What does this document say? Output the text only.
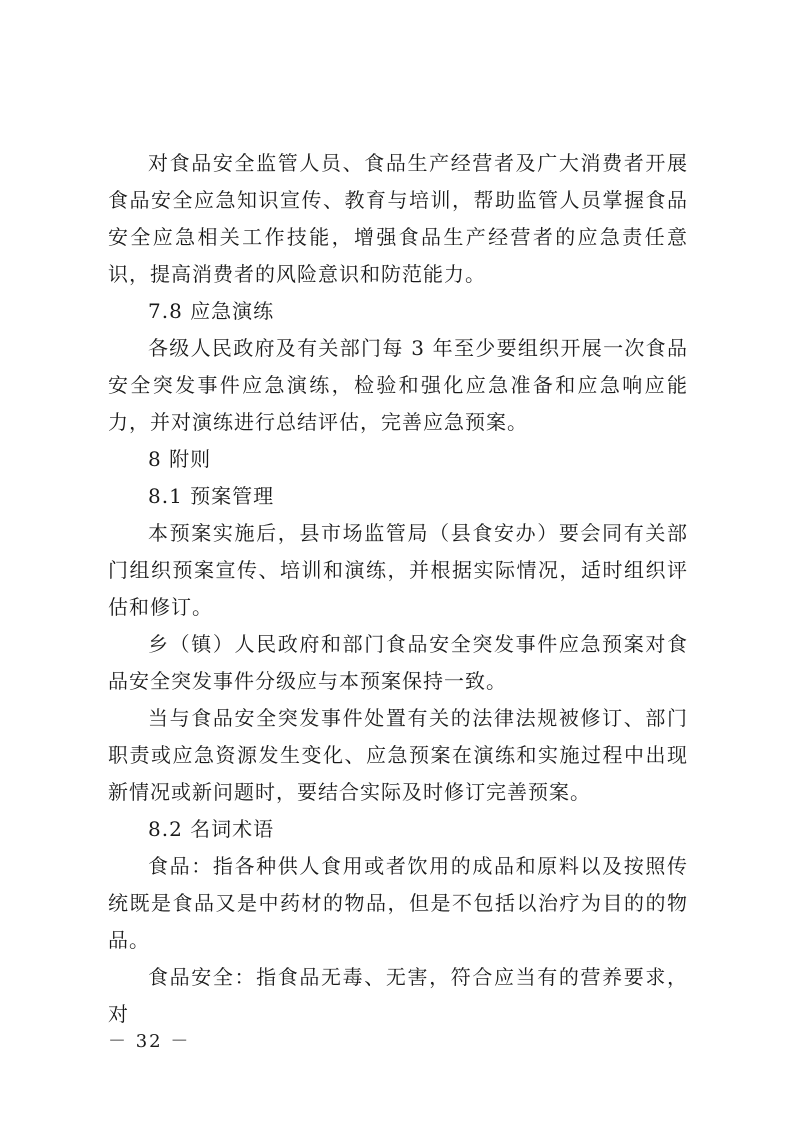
对食品安全监管人员、食品生产经营者及广大消费者开展食品安全应急知识宣传、教育与培训，帮助监管人员掌握食品安全应急相关工作技能，增强食品生产经营者的应急责任意识，提高消费者的风险意识和防范能力。

7.8 应急演练

各级人民政府及有关部门每 3 年至少要组织开展一次食品安全突发事件应急演练，检验和强化应急准备和应急响应能力，并对演练进行总结评估，完善应急预案。

8 附则

8.1 预案管理

本预案实施后，县市场监管局（县食安办）要会同有关部门组织预案宣传、培训和演练，并根据实际情况，适时组织评估和修订。

乡（镇）人民政府和部门食品安全突发事件应急预案对食品安全突发事件分级应与本预案保持一致。

当与食品安全突发事件处置有关的法律法规被修订、部门职责或应急资源发生变化、应急预案在演练和实施过程中出现新情况或新问题时，要结合实际及时修订完善预案。

8.2 名词术语

食品：指各种供人食用或者饮用的成品和原料以及按照传统既是食品又是中药材的物品，但是不包括以治疗为目的的物品。

食品安全：指食品无毒、无害，符合应当有的营养要求，对

－ 32 －
